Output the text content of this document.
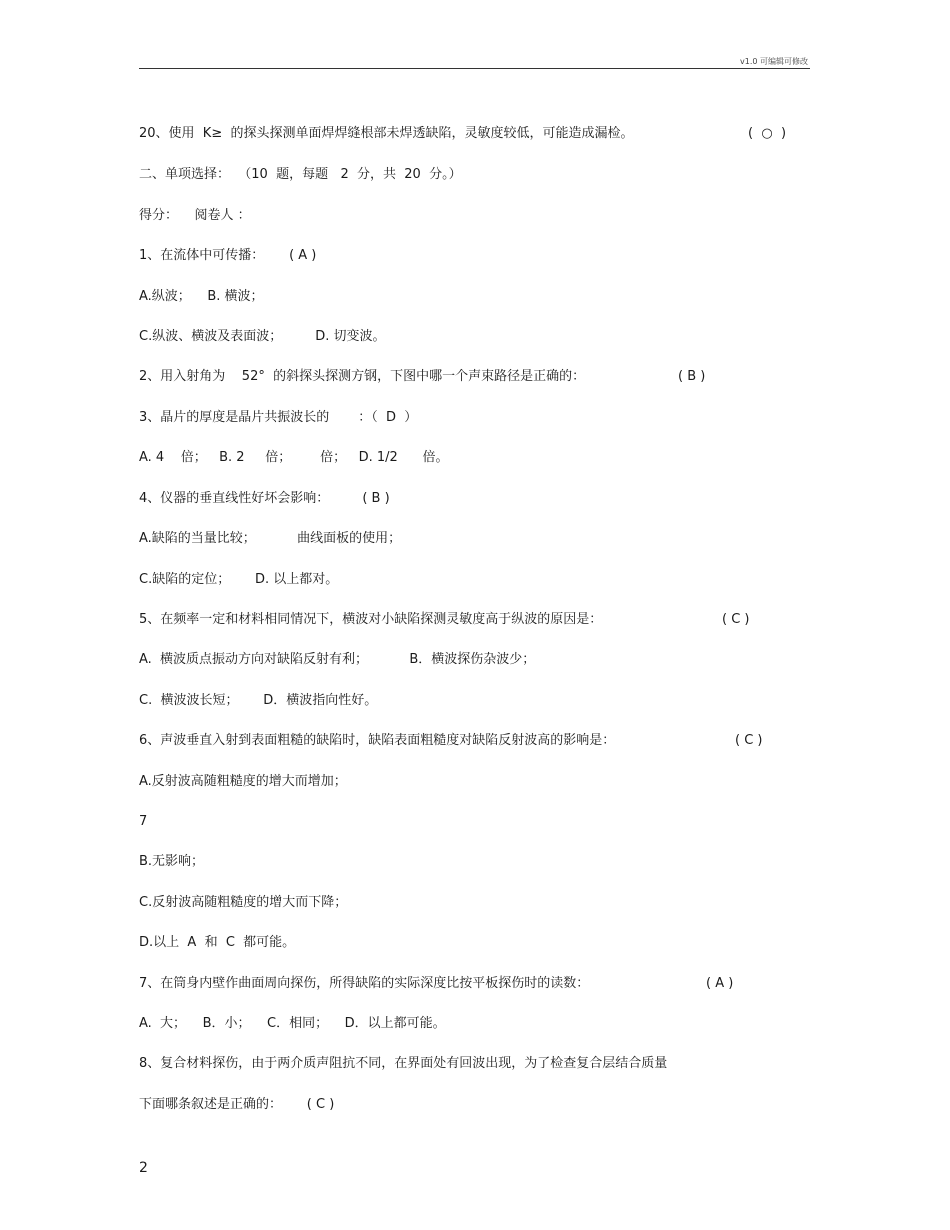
v1.0 可编辑可修改
20、使用  K≥  的探头探测单面焊焊缝根部未焊透缺陷，灵敏度较低，可能造成漏检。	(  ○  )
二、单项选择：  （10  题，每题   2  分，共  20  分。）
得分：    阅卷人 ：
1、在流体中可传播：      ( A )
A.纵波；    B. 横波；
C.纵波、横波及表面波；        D. 切变波。
2、用入射角为    52°  的斜探头探测方钢，下图中哪一个声束路径是正确的：	( B )
3、晶片的厚度是晶片共振波长的       ：（  D  ）
A. 4    倍；   B. 2     倍；       倍；   D. 1/2      倍。
4、仪器的垂直线性好坏会影响：        ( B )
A.缺陷的当量比较；          曲线面板的使用；
C.缺陷的定位；      D. 以上都对。
5、在频率一定和材料相同情况下，横波对小缺陷探测灵敏度高于纵波的原因是：	( C )
A.  横波质点振动方向对缺陷反射有利；          B．横波探伤杂波少；
C.  横波波长短；      D．横波指向性好。
6、声波垂直入射到表面粗糙的缺陷时，缺陷表面粗糙度对缺陷反射波高的影响是：	( C )
A.反射波高随粗糙度的增大而增加；
7
B.无影响；
C.反射波高随粗糙度的增大而下降；
D.以上  A  和  C  都可能。
7、在筒身内壁作曲面周向探伤，所得缺陷的实际深度比按平板探伤时的读数：	( A )
A.  大；    B．小；    C．相同；    D．以上都可能。
8、复合材料探伤，由于两介质声阻抗不同，在界面处有回波出现，为了检查复合层结合质量
下面哪条叙述是正确的：      ( C )
2
